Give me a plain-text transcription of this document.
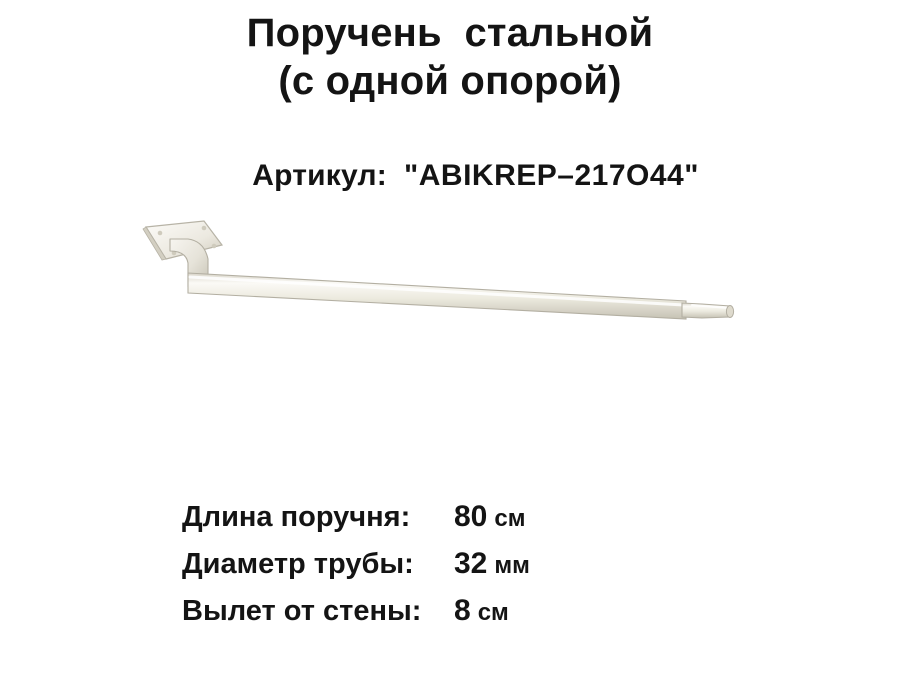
Поручень  стальной
(с одной опорой)

Артикул: "ABIKREP–217O44"

Длина поручня:	80 см
Диаметр трубы:	32 мм
Вылет от стены:	8 см
